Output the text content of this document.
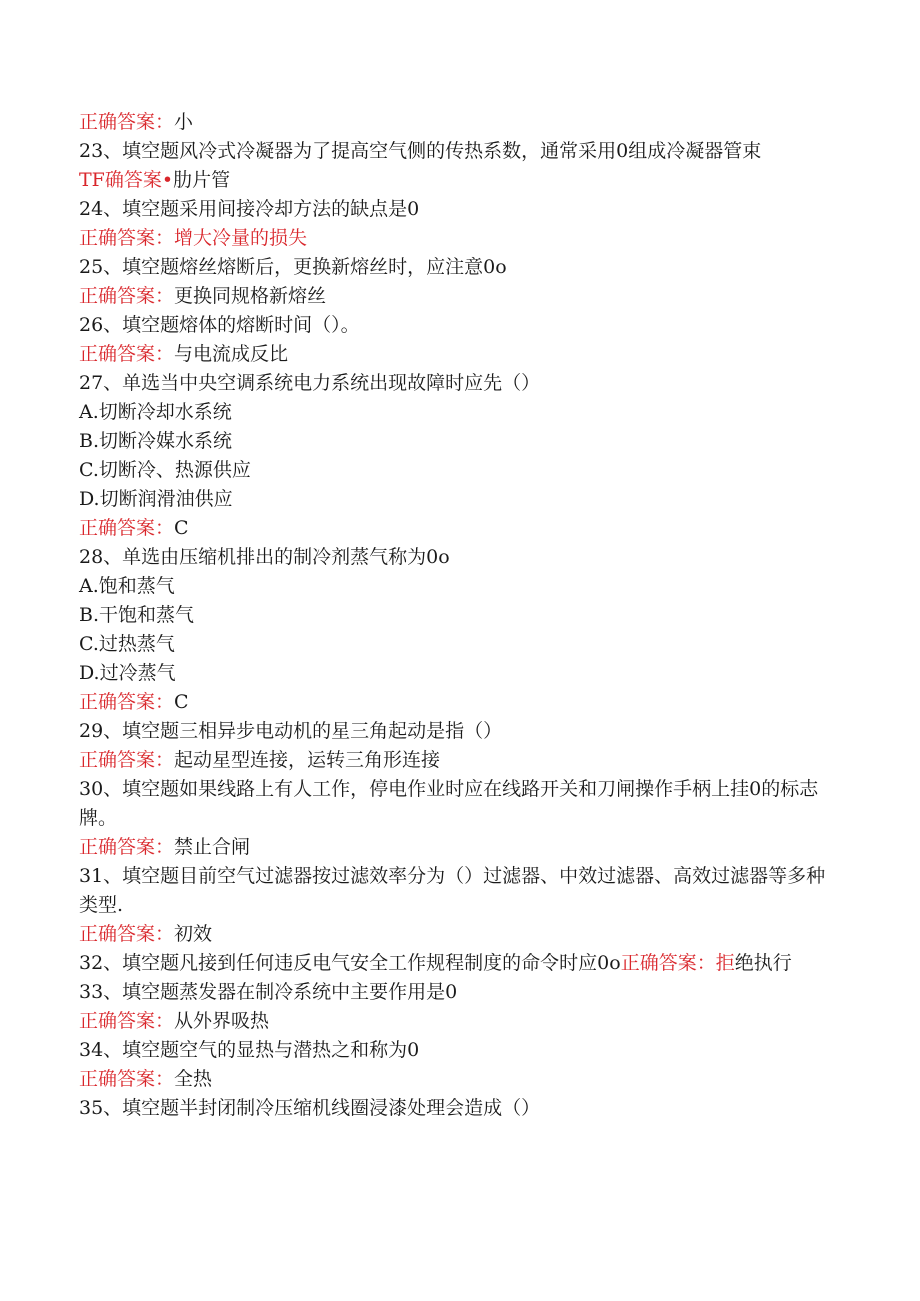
正确答案：小
23、填空题风冷式冷凝器为了提高空气侧的传热系数，通常采用0组成冷凝器管束
TF确答案•肋片管
24、填空题采用间接冷却方法的缺点是0
正确答案：增大冷量的损失
25、填空题熔丝熔断后，更换新熔丝时，应注意0o
正确答案：更换同规格新熔丝
26、填空题熔体的熔断时间（）。
正确答案：与电流成反比
27、单选当中央空调系统电力系统出现故障时应先（）
A.切断冷却水系统
B.切断冷媒水系统
C.切断冷、热源供应
D.切断润滑油供应
正确答案：C
28、单选由压缩机排出的制冷剂蒸气称为0o
A.饱和蒸气
B.干饱和蒸气
C.过热蒸气
D.过冷蒸气
正确答案：C
29、填空题三相异步电动机的星三角起动是指（）
正确答案：起动星型连接，运转三角形连接
30、填空题如果线路上有人工作，停电作业时应在线路开关和刀闸操作手柄上挂0的标志牌。
正确答案：禁止合闸
31、填空题目前空气过滤器按过滤效率分为（）过滤器、中效过滤器、高效过滤器等多种类型.
正确答案：初效
32、填空题凡接到任何违反电气安全工作规程制度的命令时应0o正确答案：拒绝执行
33、填空题蒸发器在制冷系统中主要作用是0
正确答案：从外界吸热
34、填空题空气的显热与潜热之和称为0
正确答案：全热
35、填空题半封闭制冷压缩机线圈浸漆处理会造成（）
